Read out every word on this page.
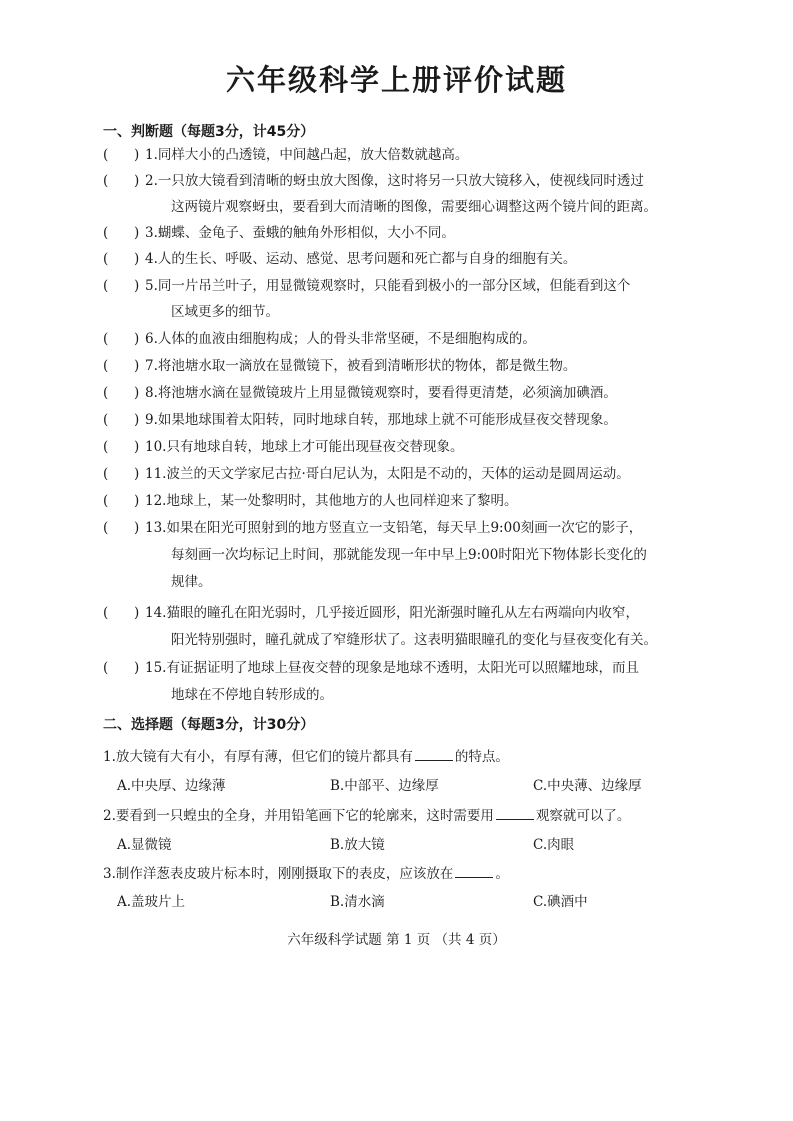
六年级科学上册评价试题
一、判断题（每题3分，计45分）
(      ) 1.同样大小的凸透镜，中间越凸起，放大倍数就越高。
(      ) 2.一只放大镜看到清晰的蚜虫放大图像，这时将另一只放大镜移入，使视线同时透过
这两镜片观察蚜虫，要看到大而清晰的图像，需要细心调整这两个镜片间的距离。
(      ) 3.蝴蝶、金龟子、蚕蛾的触角外形相似，大小不同。
(      ) 4.人的生长、呼吸、运动、感觉、思考问题和死亡都与自身的细胞有关。
(      ) 5.同一片吊兰叶子，用显微镜观察时，只能看到极小的一部分区域，但能看到这个
区域更多的细节。
(      ) 6.人体的血液由细胞构成；人的骨头非常坚硬，不是细胞构成的。
(      ) 7.将池塘水取一滴放在显微镜下，被看到清晰形状的物体，都是微生物。
(      ) 8.将池塘水滴在显微镜玻片上用显微镜观察时，要看得更清楚，必须滴加碘酒。
(      ) 9.如果地球围着太阳转，同时地球自转，那地球上就不可能形成昼夜交替现象。
(      ) 10.只有地球自转，地球上才可能出现昼夜交替现象。
(      ) 11.波兰的天文学家尼古拉·哥白尼认为，太阳是不动的，天体的运动是圆周运动。
(      ) 12.地球上，某一处黎明时，其他地方的人也同样迎来了黎明。
(      ) 13.如果在阳光可照射到的地方竖直立一支铅笔，每天早上9:00刻画一次它的影子，
每刻画一次均标记上时间，那就能发现一年中早上9:00时阳光下物体影长变化的
规律。
(      ) 14.猫眼的瞳孔在阳光弱时，几乎接近圆形，阳光渐强时瞳孔从左右两端向内收窄，
阳光特别强时，瞳孔就成了窄缝形状了。这表明猫眼瞳孔的变化与昼夜变化有关。
(      ) 15.有证据证明了地球上昼夜交替的现象是地球不透明，太阳光可以照耀地球，而且
地球在不停地自转形成的。
二、选择题（每题3分，计30分）
1.放大镜有大有小，有厚有薄，但它们的镜片都具有	的特点。
A.中央厚、边缘薄	B.中部平、边缘厚	C.中央薄、边缘厚
2.要看到一只蝗虫的全身，并用铅笔画下它的轮廓来，这时需要用	观察就可以了。
A.显微镜	B.放大镜	C.肉眼
3.制作洋葱表皮玻片标本时，刚刚摄取下的表皮，应该放在	。
A.盖玻片上	B.清水滴	C.碘酒中
六年级科学试题 第 1 页 （共 4 页）
